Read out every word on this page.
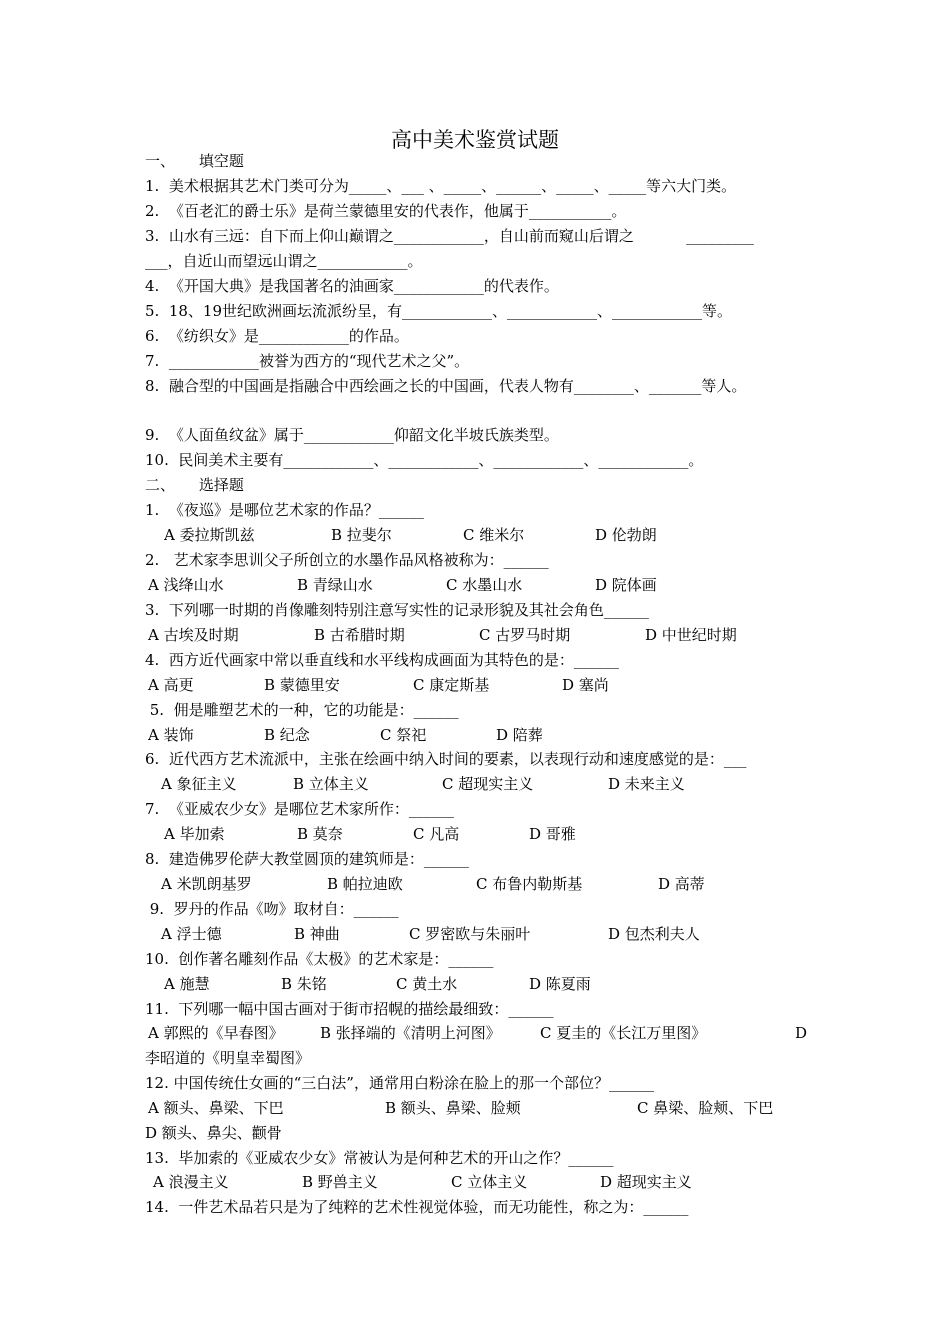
高中美术鉴赏试题
一、     填空题
1.  美术根据其艺术门类可分为_____、___ 、_____、______、_____、_____等六大门类。
2.  《百老汇的爵士乐》是荷兰蒙德里安的代表作，他属于___________。
3.  山水有三远：自下而上仰山巅谓之____________，自山前而窥山后谓之           _________
___，自近山而望远山谓之____________。
4.  《开国大典》是我国著名的油画家____________的代表作。
5.  18、19世纪欧洲画坛流派纷呈，有____________、____________、____________等。
6.  《纺织女》是____________的作品。
7.  ____________被誉为西方的“现代艺术之父”。
8.  融合型的中国画是指融合中西绘画之长的中国画，代表人物有________、_______等人。
9.  《人面鱼纹盆》属于____________仰韶文化半坡氏族类型。
10.  民间美术主要有____________、____________、____________、____________。
二、     选择题
1.  《夜巡》是哪位艺术家的作品？______
A 委拉斯凯兹	B 拉斐尔	C 维米尔	D 伦勃朗
2.   艺术家李思训父子所创立的水墨作品风格被称为：______
A 浅绛山水	B 青绿山水	C 水墨山水	D 院体画
3.  下列哪一时期的肖像雕刻特别注意写实性的记录形貌及其社会角色______
A 古埃及时期	B 古希腊时期	C 古罗马时期	D 中世纪时期
4.  西方近代画家中常以垂直线和水平线构成画面为其特色的是：______
A 高更	B 蒙德里安	C 康定斯基	D 塞尚
5.  佣是雕塑艺术的一种，它的功能是：______
A 装饰	B 纪念	C 祭祀	D 陪葬
6.  近代西方艺术流派中，主张在绘画中纳入时间的要素，以表现行动和速度感觉的是：___
A 象征主义	B 立体主义	C 超现实主义	D 未来主义
7.  《亚威农少女》是哪位艺术家所作：______
A 毕加索	B 莫奈	C 凡高	D 哥雅
8.  建造佛罗伦萨大教堂圆顶的建筑师是：______
A 米凯朗基罗	B 帕拉迪欧	C 布鲁内勒斯基	D 高蒂
9.  罗丹的作品《吻》取材自：______
A 浮士德	B 神曲	C 罗密欧与朱丽叶	D 包杰利夫人
10.  创作著名雕刻作品《太极》的艺术家是：______
A 施慧	B 朱铭	C 黄土水	D 陈夏雨
11.  下列哪一幅中国古画对于街市招幌的描绘最细致：______
A 郭熙的《早春图》 B 张择端的《清明上河图》	C 夏圭的《长江万里图》	D
李昭道的《明皇幸蜀图》
12. 中国传统仕女画的“三白法”，通常用白粉涂在脸上的那一个部位？______
A 额头、鼻梁、下巴	B 额头、鼻梁、脸颊	C 鼻梁、脸颊、下巴
D 额头、鼻尖、颧骨
13.  毕加索的《亚威农少女》常被认为是何种艺术的开山之作？______
A 浪漫主义	B 野兽主义	C 立体主义	D 超现实主义
14.  一件艺术品若只是为了纯粹的艺术性视觉体验，而无功能性，称之为：______
